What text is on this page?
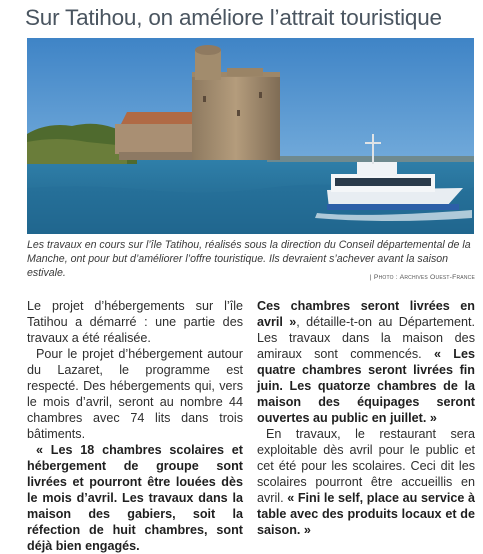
Sur Tatihou, on améliore l’attrait touristique

Les travaux en cours sur l’île Tatihou, réalisés sous la direction du Conseil départemental de la Manche, ont pour but d’améliorer l’offre touristique. Ils devraient s’achever avant la saison estivale.	| Photo : Archives Ouest-France

Le projet d’hébergements sur l’île Tatihou a démarré : une partie des travaux a été réalisée.

Pour le projet d’hébergement autour du Lazaret, le programme est respecté. Des hébergements qui, vers le mois d’avril, seront au nombre 44 chambres avec 74 lits dans trois bâtiments.

« Les 18 chambres scolaires et hébergement de groupe sont livrées et pourront être louées dès le mois d’avril. Les travaux dans la maison des gabiers, soit la réfection de huit chambres, sont déjà bien engagés.

Ces chambres seront livrées en avril », détaille-t-on au Département. Les travaux dans la maison des amiraux sont commencés. « Les quatre chambres seront livrées fin juin. Les quatorze chambres de la maison des équipages seront ouvertes au public en juillet. »

En travaux, le restaurant sera exploitable dès avril pour le public et cet été pour les scolaires. Ceci dit les scolaires pourront être accueillis en avril. « Fini le self, place au service à table avec des produits locaux et de saison. »
